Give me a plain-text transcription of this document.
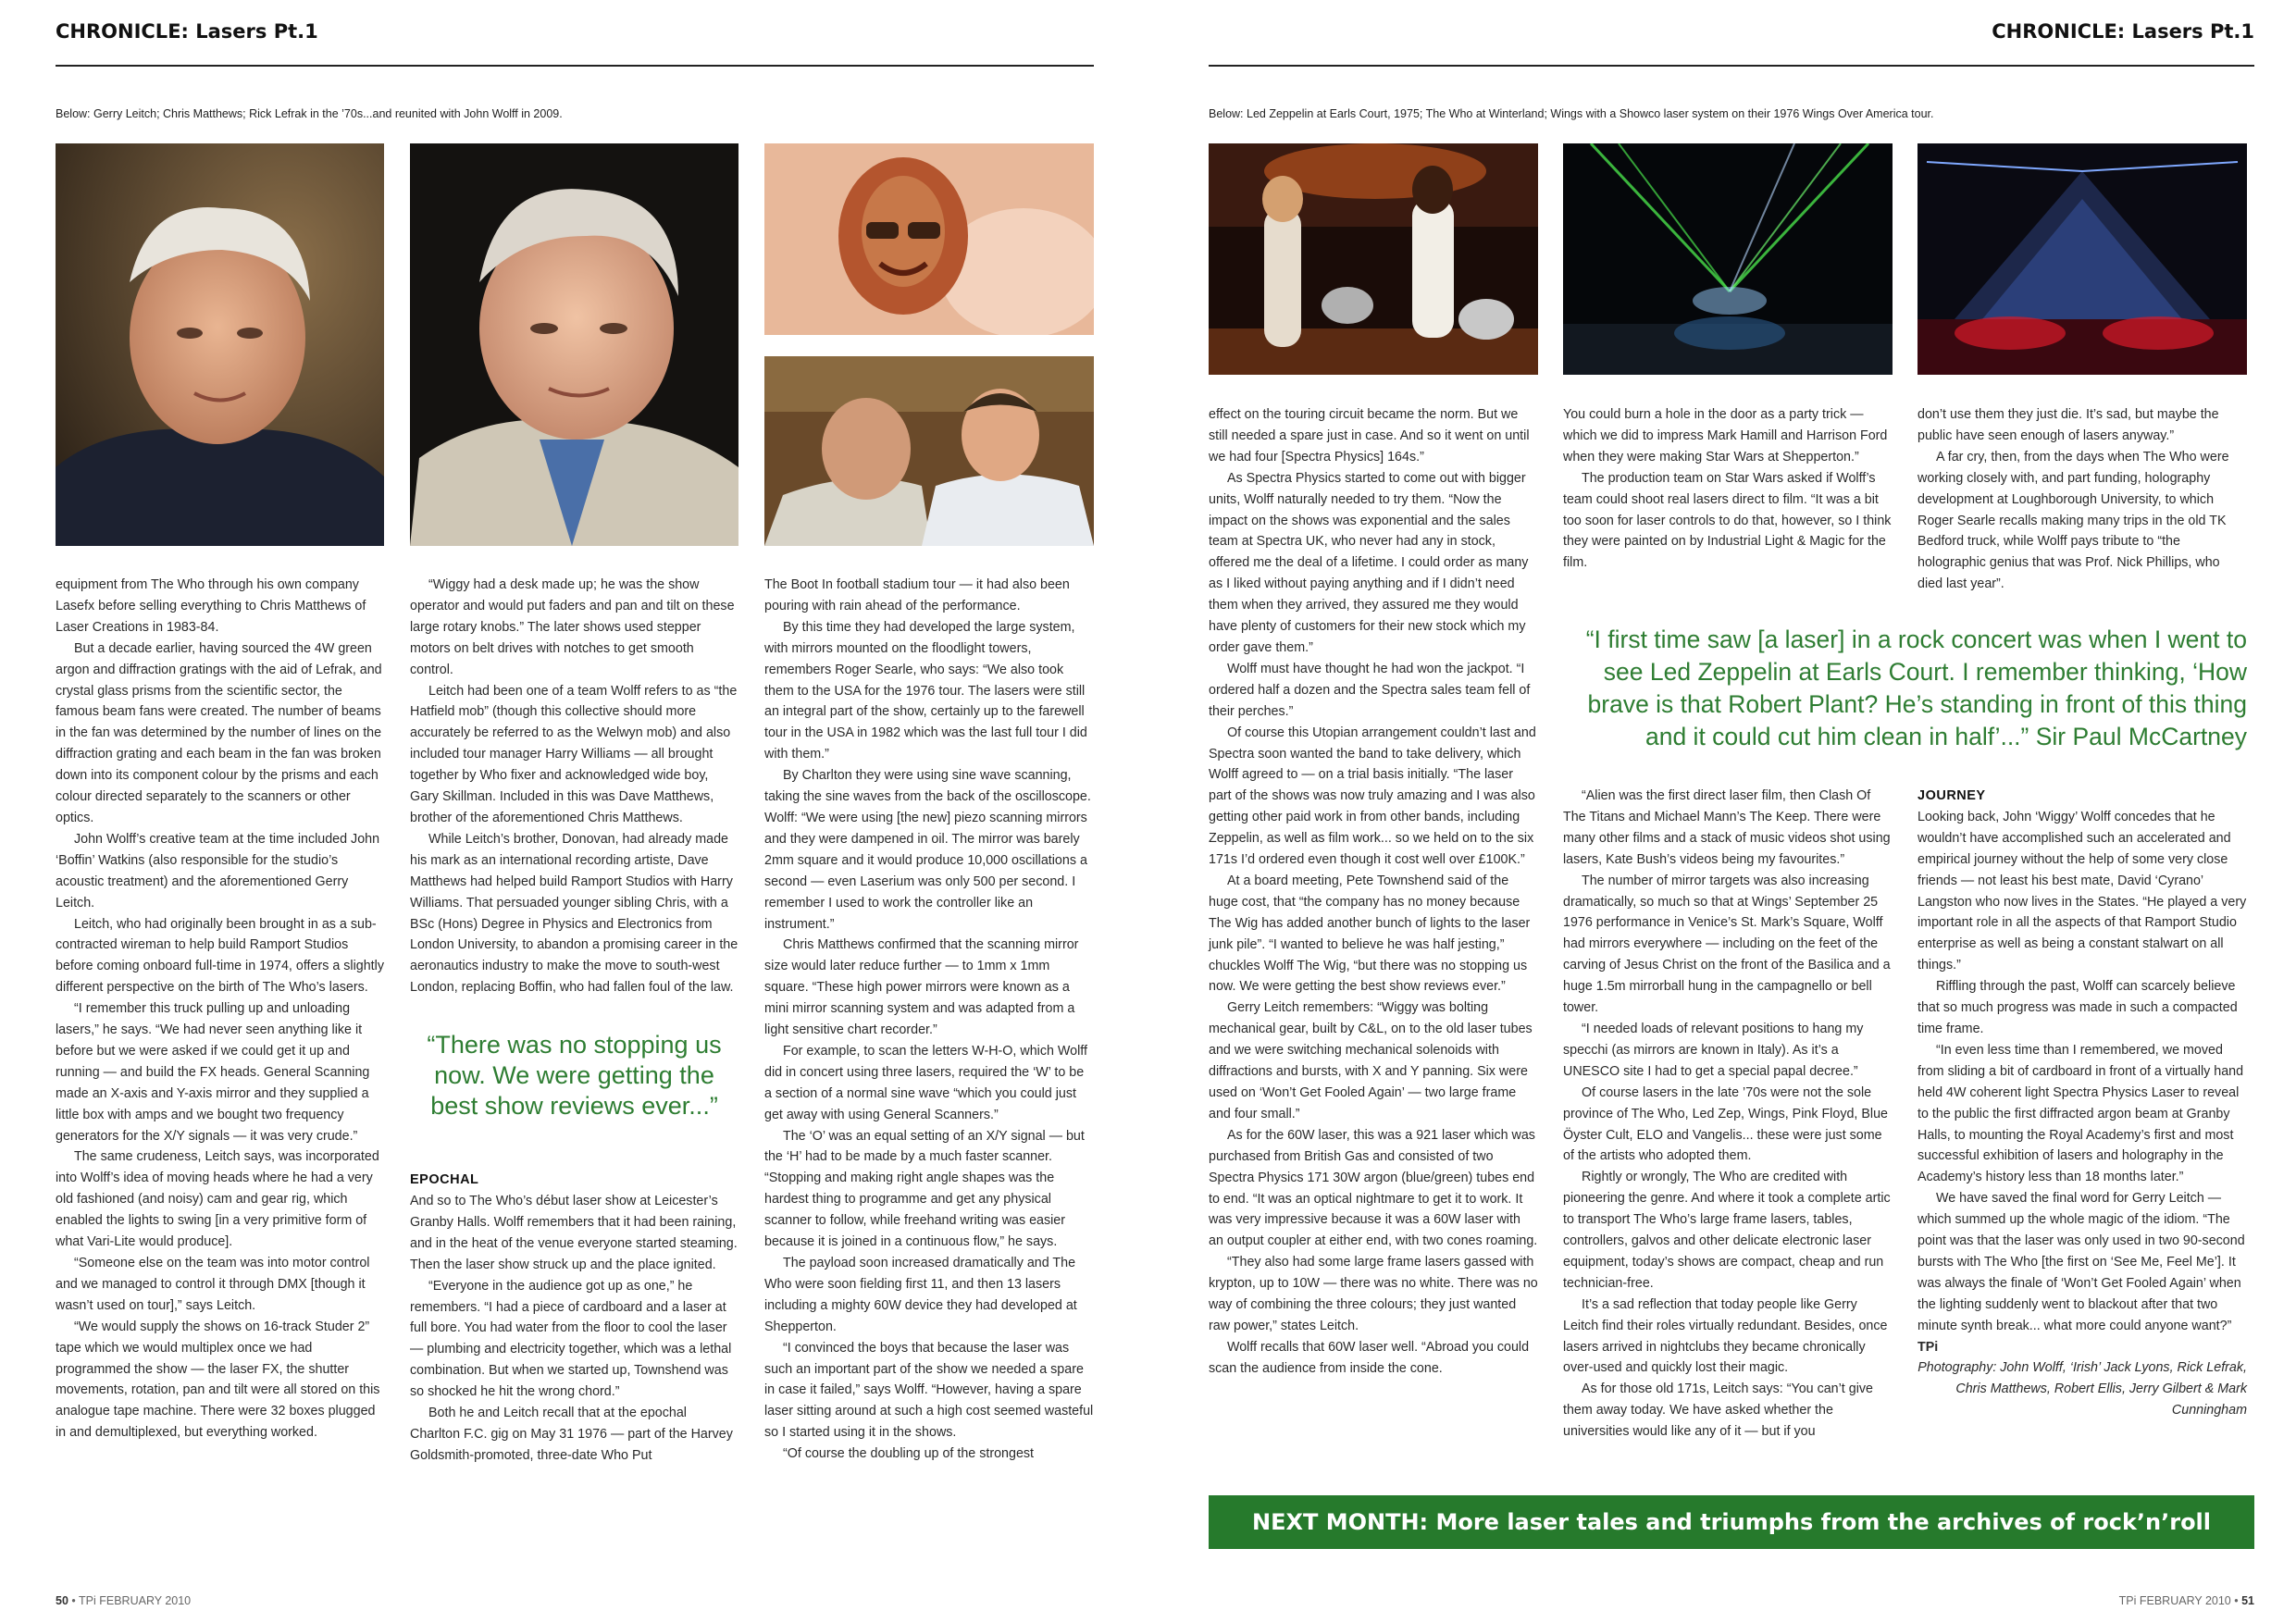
CHRONICLE: Lasers Pt.1
Below: Gerry Leitch; Chris Matthews; Rick Lefrak in the ’70s...and reunited with John Wolff in 2009.

equipment from The Who through his own company Lasefx before selling everything to Chris Matthews of Laser Creations in 1983-84.

But a decade earlier, having sourced the 4W green argon and diffraction gratings with the aid of Lefrak, and crystal glass prisms from the scientific sector, the famous beam fans were created. The number of beams in the fan was determined by the number of lines on the diffraction grating and each beam in the fan was broken down into its component colour by the prisms and each colour directed separately to the scanners or other optics.

John Wolff’s creative team at the time included John ‘Boffin’ Watkins (also responsible for the studio’s acoustic treatment) and the aforementioned Gerry Leitch.

Leitch, who had originally been brought in as a sub-contracted wireman to help build Ramport Studios before coming onboard full-time in 1974, offers a slightly different perspective on the birth of The Who’s lasers.

“I remember this truck pulling up and unloading lasers,” he says. “We had never seen anything like it before but we were asked if we could get it up and running — and build the FX heads. General Scanning made an X-axis and Y-axis mirror and they supplied a little box with amps and we bought two frequency generators for the X/Y signals — it was very crude.”

The same crudeness, Leitch says, was incorporated into Wolff’s idea of moving heads where he had a very old fashioned (and noisy) cam and gear rig, which enabled the lights to swing [in a very primitive form of what Vari-Lite would produce].

“Someone else on the team was into motor control and we managed to control it through DMX [though it wasn’t used on tour],” says Leitch.

“We would supply the shows on 16-track Studer 2” tape which we would multiplex once we had programmed the show — the laser FX, the shutter movements, rotation, pan and tilt were all stored on this analogue tape machine. There were 32 boxes plugged in and demultiplexed, but everything worked.

“Wiggy had a desk made up; he was the show operator and would put faders and pan and tilt on these large rotary knobs.” The later shows used stepper motors on belt drives with notches to get smooth control.

Leitch had been one of a team Wolff refers to as “the Hatfield mob” (though this collective should more accurately be referred to as the Welwyn mob) and also included tour manager Harry Williams — all brought together by Who fixer and acknowledged wide boy, Gary Skillman. Included in this was Dave Matthews, brother of the aforementioned Chris Matthews.

While Leitch’s brother, Donovan, had already made his mark as an international recording artiste, Dave Matthews had helped build Ramport Studios with Harry Williams. That persuaded younger sibling Chris, with a BSc (Hons) Degree in Physics and Electronics from London University, to abandon a promising career in the aeronautics industry to make the move to south-west London, replacing Boffin, who had fallen foul of the law.

“There was no stopping us now. We were getting the best show reviews ever...”
EPOCHAL

And so to The Who’s début laser show at Leicester’s Granby Halls. Wolff remembers that it had been raining, and in the heat of the venue everyone started steaming. Then the laser show struck up and the place ignited.

“Everyone in the audience got up as one,” he remembers. “I had a piece of cardboard and a laser at full bore. You had water from the floor to cool the laser — plumbing and electricity together, which was a lethal combination. But when we started up, Townshend was so shocked he hit the wrong chord.”

Both he and Leitch recall that at the epochal Charlton F.C. gig on May 31 1976 — part of the Harvey Goldsmith-promoted, three-date Who Put

The Boot In football stadium tour — it had also been pouring with rain ahead of the performance.

By this time they had developed the large system, with mirrors mounted on the floodlight towers, remembers Roger Searle, who says: “We also took them to the USA for the 1976 tour. The lasers were still an integral part of the show, certainly up to the farewell tour in the USA in 1982 which was the last full tour I did with them.”

By Charlton they were using sine wave scanning, taking the sine waves from the back of the oscilloscope. Wolff: “We were using [the new] piezo scanning mirrors and they were dampened in oil. The mirror was barely 2mm square and it would produce 10,000 oscillations a second — even Laserium was only 500 per second. I remember I used to work the controller like an instrument.”

Chris Matthews confirmed that the scanning mirror size would later reduce further — to 1mm x 1mm square. “These high power mirrors were known as a mini mirror scanning system and was adapted from a light sensitive chart recorder.”

For example, to scan the letters W-H-O, which Wolff did in concert using three lasers, required the ‘W’ to be a section of a normal sine wave “which you could just get away with using General Scanners.”

The ‘O’ was an equal setting of an X/Y signal — but the ‘H’ had to be made by a much faster scanner. “Stopping and making right angle shapes was the hardest thing to programme and get any physical scanner to follow, while freehand writing was easier because it is joined in a continuous flow,” he says.

The payload soon increased dramatically and The Who were soon fielding first 11, and then 13 lasers including a mighty 60W device they had developed at Shepperton.

“I convinced the boys that because the laser was such an important part of the show we needed a spare in case it failed,” says Wolff. “However, having a spare laser sitting around at such a high cost seemed wasteful so I started using it in the shows.

“Of course the doubling up of the strongest

50 • TPi FEBRUARY 2010
CHRONICLE: Lasers Pt.1
Below: Led Zeppelin at Earls Court, 1975; The Who at Winterland; Wings with a Showco laser system on their 1976 Wings Over America tour.

effect on the touring circuit became the norm. But we still needed a spare just in case. And so it went on until we had four [Spectra Physics] 164s.”

As Spectra Physics started to come out with bigger units, Wolff naturally needed to try them. “Now the impact on the shows was exponential and the sales team at Spectra UK, who never had any in stock, offered me the deal of a lifetime. I could order as many as I liked without paying anything and if I didn’t need them when they arrived, they assured me they would have plenty of customers for their new stock which my order gave them.”

Wolff must have thought he had won the jackpot. “I ordered half a dozen and the Spectra sales team fell of their perches.”

Of course this Utopian arrangement couldn’t last and Spectra soon wanted the band to take delivery, which Wolff agreed to — on a trial basis initially. “The laser part of the shows was now truly amazing and I was also getting other paid work in from other bands, including Zeppelin, as well as film work... so we held on to the six 171s I’d ordered even though it cost well over £100K.”

At a board meeting, Pete Townshend said of the huge cost, that “the company has no money because The Wig has added another bunch of lights to the laser junk pile”. “I wanted to believe he was half jesting,” chuckles Wolff The Wig, “but there was no stopping us now. We were getting the best show reviews ever.”

Gerry Leitch remembers: “Wiggy was bolting mechanical gear, built by C&L, on to the old laser tubes and we were switching mechanical solenoids with diffractions and bursts, with X and Y panning. Six were used on ‘Won’t Get Fooled Again’ — two large frame and four small.”

As for the 60W laser, this was a 921 laser which was purchased from British Gas and consisted of two Spectra Physics 171 30W argon (blue/green) tubes end to end. “It was an optical nightmare to get it to work. It was very impressive because it was a 60W laser with an output coupler at either end, with two cones roaming.

“They also had some large frame lasers gassed with krypton, up to 10W — there was no white. There was no way of combining the three colours; they just wanted raw power,” states Leitch.

Wolff recalls that 60W laser well. “Abroad you could scan the audience from inside the cone.

You could burn a hole in the door as a party trick — which we did to impress Mark Hamill and Harrison Ford when they were making Star Wars at Shepperton.”

The production team on Star Wars asked if Wolff’s team could shoot real lasers direct to film. “It was a bit too soon for laser controls to do that, however, so I think they were painted on by Industrial Light & Magic for the film.

don’t use them they just die. It’s sad, but maybe the public have seen enough of lasers anyway.”

A far cry, then, from the days when The Who were working closely with, and part funding, holography development at Loughborough University, to which Roger Searle recalls making many trips in the old TK Bedford truck, while Wolff pays tribute to “the holographic genius that was Prof. Nick Phillips, who died last year”.

“I first time saw [a laser] in a rock concert was when I went to see Led Zeppelin at Earls Court. I remember thinking, ‘How brave is that Robert Plant? He’s standing in front of this thing and it could cut him clean in half’...” Sir Paul McCartney

“Alien was the first direct laser film, then Clash Of The Titans and Michael Mann’s The Keep. There were many other films and a stack of music videos shot using lasers, Kate Bush’s videos being my favourites.”

The number of mirror targets was also increasing dramatically, so much so that at Wings’ September 25 1976 performance in Venice’s St. Mark’s Square, Wolff had mirrors everywhere — including on the feet of the carving of Jesus Christ on the front of the Basilica and a huge 1.5m mirrorball hung in the campagnello or bell tower.

“I needed loads of relevant positions to hang my specchi (as mirrors are known in Italy). As it’s a UNESCO site I had to get a special papal decree.”

Of course lasers in the late ’70s were not the sole province of The Who, Led Zep, Wings, Pink Floyd, Blue Öyster Cult, ELO and Vangelis... these were just some of the artists who adopted them.

Rightly or wrongly, The Who are credited with pioneering the genre. And where it took a complete artic to transport The Who’s large frame lasers, tables, controllers, galvos and other delicate electronic laser equipment, today’s shows are compact, cheap and run technician-free.

It’s a sad reflection that today people like Gerry Leitch find their roles virtually redundant. Besides, once lasers arrived in nightclubs they became chronically over-used and quickly lost their magic.

As for those old 171s, Leitch says: “You can’t give them away today. We have asked whether the universities would like any of it — but if you

JOURNEY

Looking back, John ‘Wiggy’ Wolff concedes that he wouldn’t have accomplished such an accelerated and empirical journey without the help of some very close friends — not least his best mate, David ‘Cyrano’ Langston who now lives in the States. “He played a very important role in all the aspects of that Ramport Studio enterprise as well as being a constant stalwart on all things.”

Riffling through the past, Wolff can scarcely believe that so much progress was made in such a compacted time frame.

“In even less time than I remembered, we moved from sliding a bit of cardboard in front of a virtually hand held 4W coherent light Spectra Physics Laser to reveal to the public the first diffracted argon beam at Granby Halls, to mounting the Royal Academy’s first and most successful exhibition of lasers and holography in the Academy’s history less than 18 months later.”

We have saved the final word for Gerry Leitch — which summed up the whole magic of the idiom. “The point was that the laser was only used in two 90-second bursts with The Who [the first on ‘See Me, Feel Me’]. It was always the finale of ‘Won’t Get Fooled Again’ when the lighting suddenly went to blackout after that two minute synth break... what more could anyone want?”

TPi

Photography: John Wolff, ‘Irish’ Jack Lyons, Rick Lefrak, Chris Matthews, Robert Ellis, Jerry Gilbert & Mark Cunningham

NEXT MONTH: More laser tales and triumphs from the archives of rock’n’roll touring...
TPi FEBRUARY 2010 • 51
